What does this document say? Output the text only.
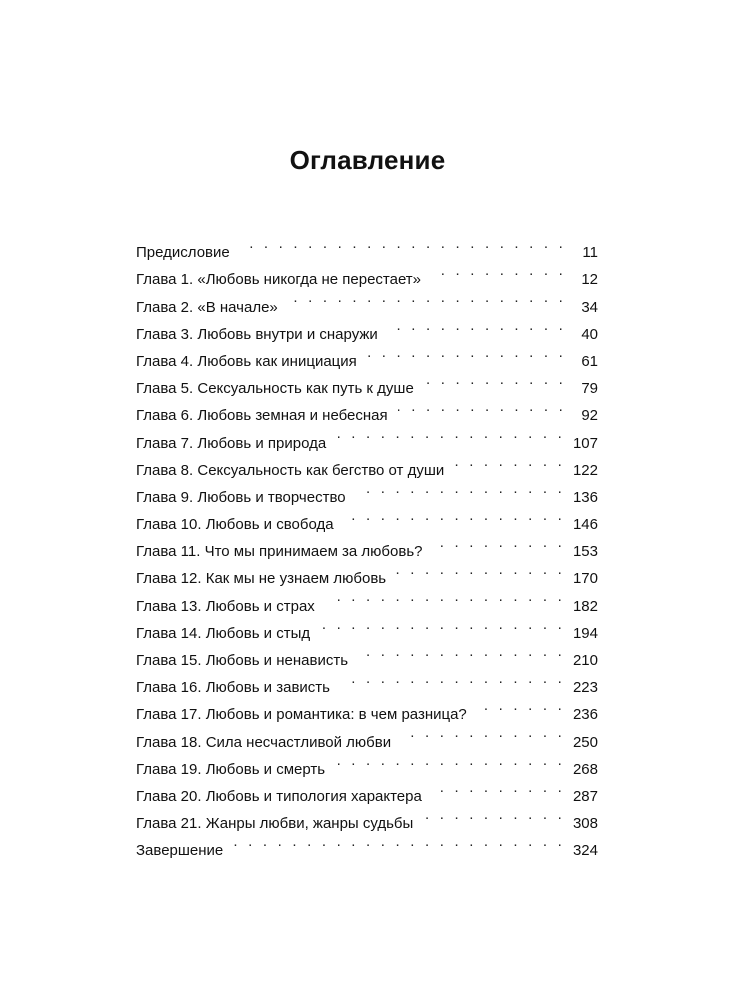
Оглавление
Предисловие . . .	11
Глава 1. «Любовь никогда не перестает» . . .	12
Глава 2. «В начале» . . .	34
Глава 3. Любовь внутри и снаружи . . .	40
Глава 4. Любовь как инициация . . .	61
Глава 5. Сексуальность как путь к душе . . .	79
Глава 6. Любовь земная и небесная . . .	92
Глава 7. Любовь и природа . . .	107
Глава 8. Сексуальность как бегство от души . . .	122
Глава 9. Любовь и творчество . . .	136
Глава 10. Любовь и свобода . . .	146
Глава 11. Что мы принимаем за любовь? . . .	153
Глава 12. Как мы не узнаем любовь . . .	170
Глава 13. Любовь и страх . . .	182
Глава 14. Любовь и стыд . . .	194
Глава 15. Любовь и ненависть . . .	210
Глава 16. Любовь и зависть . . .	223
Глава 17. Любовь и романтика: в чем разница? . . .	236
Глава 18. Сила несчастливой любви . . .	250
Глава 19. Любовь и смерть . . .	268
Глава 20. Любовь и типология характера . . .	287
Глава 21. Жанры любви, жанры судьбы . . .	308
Завершение . . .	324
